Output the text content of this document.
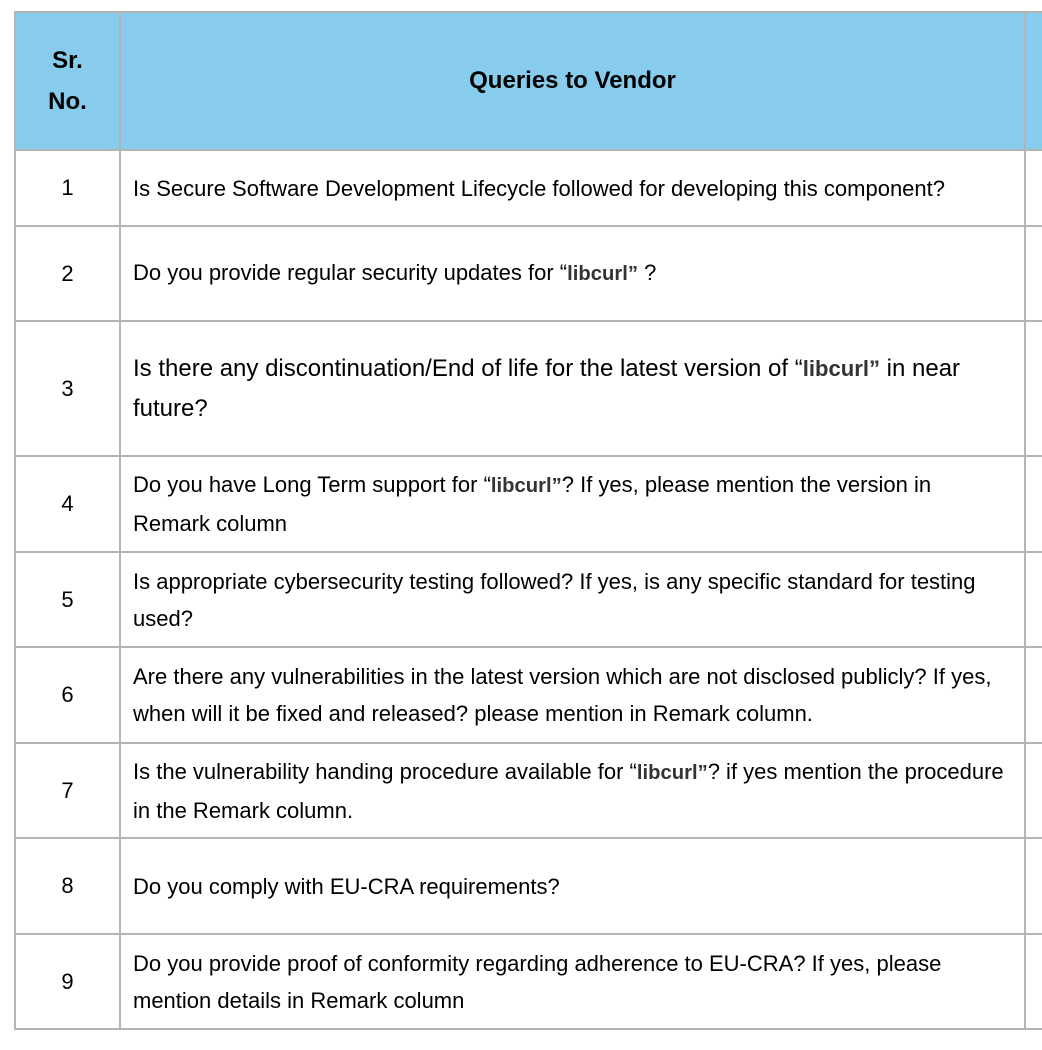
Sr.
No.	Queries to Vendor	
1	Is Secure Software Development Lifecycle followed for developing this component?	
2	Do you provide regular security updates for “libcurl” ?	
3	Is there any discontinuation/End of life for the latest version of “libcurl” in near future?	
4	Do you have Long Term support for “libcurl”? If yes, please mention the version in Remark column	
5	Is appropriate cybersecurity testing followed? If yes, is any specific standard for testing used?	
6	Are there any vulnerabilities in the latest version which are not disclosed publicly? If yes, when will it be fixed and released? please mention in Remark column.	
7	Is the vulnerability handing procedure available for “libcurl”? if yes mention the procedure in the Remark column.	
8	Do you comply with EU-CRA requirements?	
9	Do you provide proof of conformity regarding adherence to EU-CRA? If yes, please mention details in Remark column	
